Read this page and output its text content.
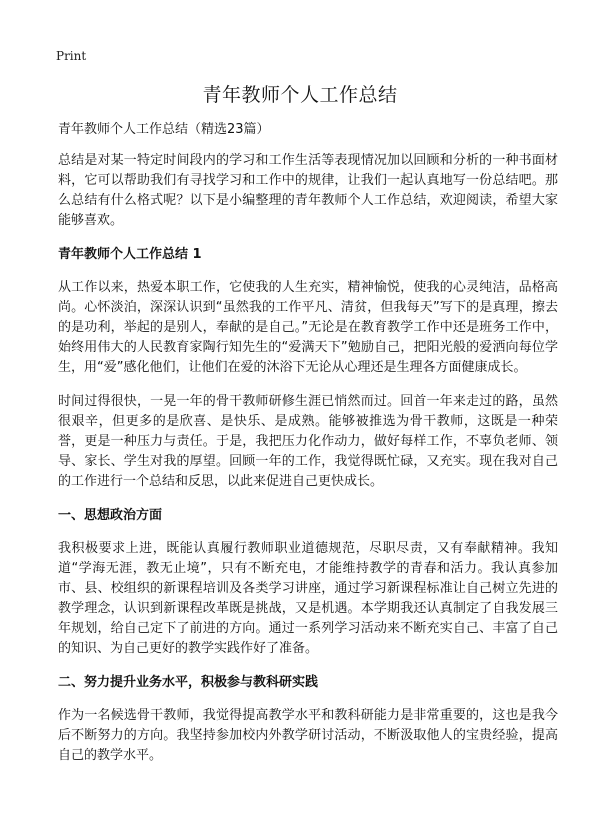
Print
青年教师个人工作总结
青年教师个人工作总结（精选23篇）

总结是对某一特定时间段内的学习和工作生活等表现情况加以回顾和分析的一种书面材料，它可以帮助我们有寻找学习和工作中的规律，让我们一起认真地写一份总结吧。那么总结有什么格式呢？以下是小编整理的青年教师个人工作总结，欢迎阅读，希望大家能够喜欢。

青年教师个人工作总结 1

从工作以来，热爱本职工作，它使我的人生充实，精神愉悦，使我的心灵纯洁，品格高尚。心怀淡泊，深深认识到“虽然我的工作平凡、清贫，但我每天”写下的是真理，擦去的是功利，举起的是别人，奉献的是自己。”无论是在教育教学工作中还是班务工作中，始终用伟大的人民教育家陶行知先生的“爱满天下”勉励自己，把阳光般的爱洒向每位学生，用“爱”感化他们，让他们在爱的沐浴下无论从心理还是生理各方面健康成长。

时间过得很快，一晃一年的骨干教师研修生涯已悄然而过。回首一年来走过的路，虽然很艰辛，但更多的是欣喜、是快乐、是成熟。能够被推选为骨干教师，这既是一种荣誉，更是一种压力与责任。于是，我把压力化作动力，做好每样工作，不辜负老师、领导、家长、学生对我的厚望。回顾一年的工作，我觉得既忙碌，又充实。现在我对自己的工作进行一个总结和反思，以此来促进自己更快成长。

一、思想政治方面

我积极要求上进，既能认真履行教师职业道德规范，尽职尽责，又有奉献精神。我知道“学海无涯，教无止境”，只有不断充电，才能维持教学的青春和活力。我认真参加市、县、校组织的新课程培训及各类学习讲座，通过学习新课程标准让自己树立先进的教学理念，认识到新课程改革既是挑战，又是机遇。本学期我还认真制定了自我发展三年规划，给自己定下了前进的方向。通过一系列学习活动来不断充实自己、丰富了自己的知识、为自己更好的教学实践作好了准备。

二、努力提升业务水平，积极参与教科研实践

作为一名候选骨干教师，我觉得提高教学水平和教科研能力是非常重要的，这也是我今后不断努力的方向。我坚持参加校内外教学研讨活动，不断汲取他人的宝贵经验，提高自己的教学水平。
